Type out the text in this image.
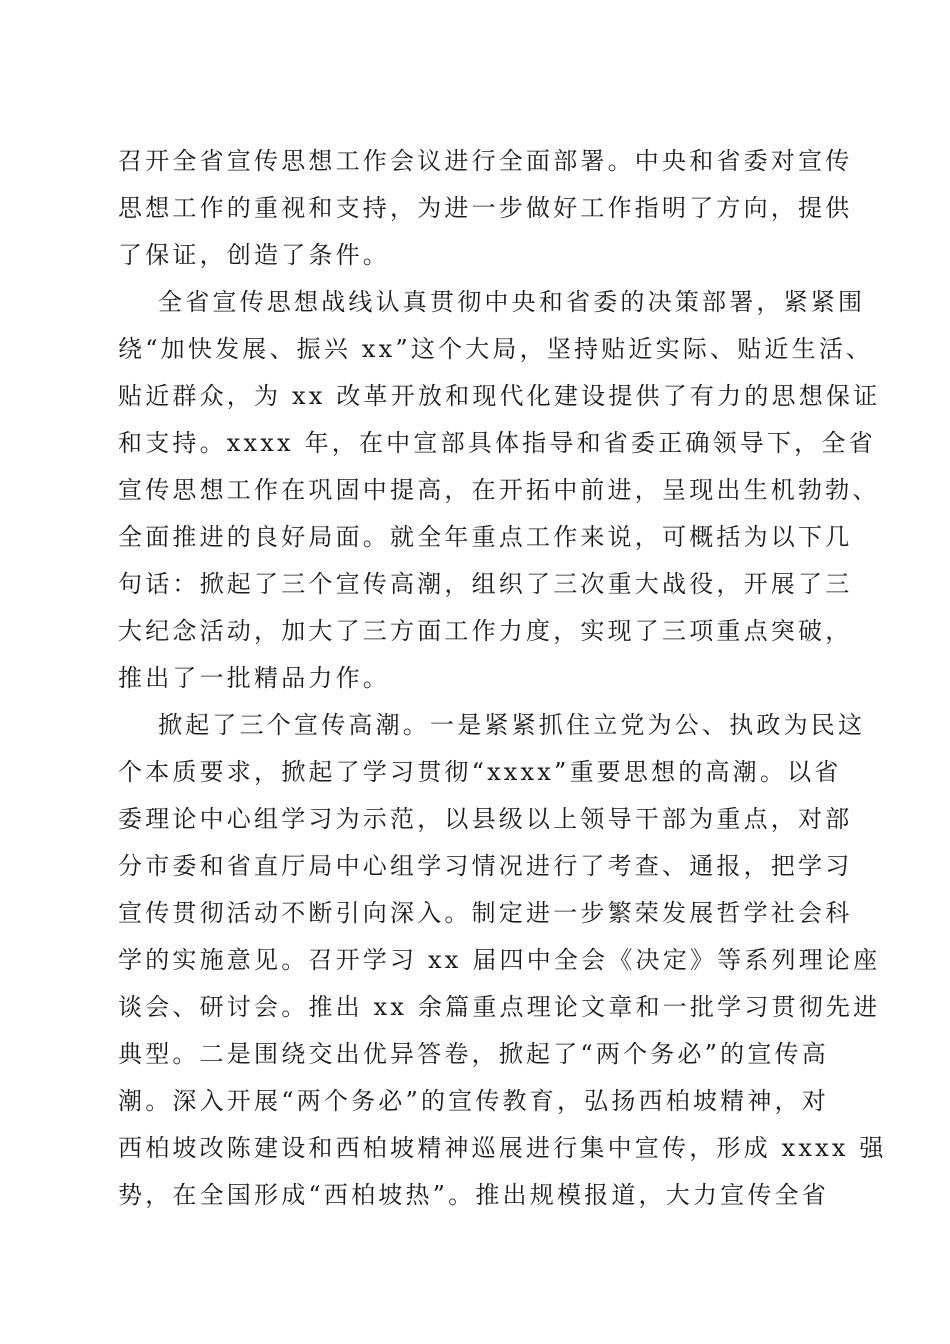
召开全省宣传思想工作会议进行全面部署。中央和省委对宣传
思想工作的重视和支持，为进一步做好工作指明了方向，提供
了保证，创造了条件。
全省宣传思想战线认真贯彻中央和省委的决策部署，紧紧围
绕“加快发展、振兴 xx”这个大局，坚持贴近实际、贴近生活、
贴近群众，为 xx 改革开放和现代化建设提供了有力的思想保证
和支持。xxxx 年，在中宣部具体指导和省委正确领导下，全省
宣传思想工作在巩固中提高，在开拓中前进，呈现出生机勃勃、
全面推进的良好局面。就全年重点工作来说，可概括为以下几
句话：掀起了三个宣传高潮，组织了三次重大战役，开展了三
大纪念活动，加大了三方面工作力度，实现了三项重点突破，
推出了一批精品力作。
掀起了三个宣传高潮。一是紧紧抓住立党为公、执政为民这
个本质要求，掀起了学习贯彻“xxxx”重要思想的高潮。以省
委理论中心组学习为示范，以县级以上领导干部为重点，对部
分市委和省直厅局中心组学习情况进行了考查、通报，把学习
宣传贯彻活动不断引向深入。制定进一步繁荣发展哲学社会科
学的实施意见。召开学习 xx 届四中全会《决定》等系列理论座
谈会、研讨会。推出 xx 余篇重点理论文章和一批学习贯彻先进
典型。二是围绕交出优异答卷，掀起了“两个务必”的宣传高
潮。深入开展“两个务必”的宣传教育，弘扬西柏坡精神，对
西柏坡改陈建设和西柏坡精神巡展进行集中宣传，形成 xxxx 强
势，在全国形成“西柏坡热”。推出规模报道，大力宣传全省
